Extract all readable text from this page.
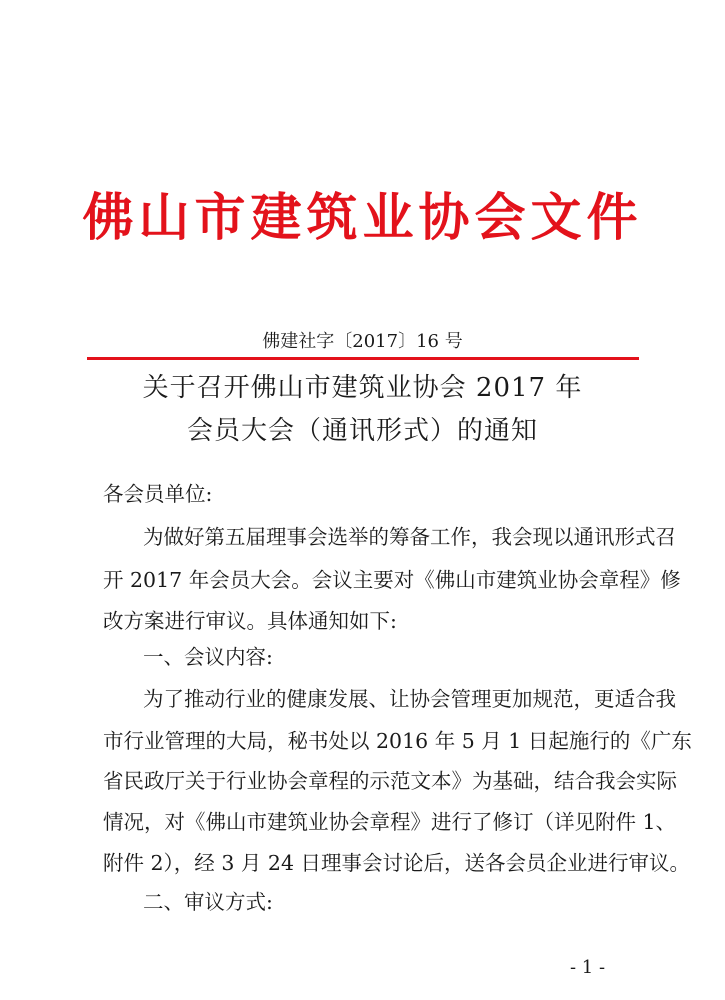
佛山市建筑业协会文件
佛建社字〔2017〕16 号
关于召开佛山市建筑业协会 2017 年
会员大会（通讯形式）的通知
各会员单位:
为做好第五届理事会选举的筹备工作，我会现以通讯形式召
开 2017 年会员大会。会议主要对《佛山市建筑业协会章程》修
改方案进行审议。具体通知如下:
一、会议内容:
为了推动行业的健康发展、让协会管理更加规范，更适合我
市行业管理的大局，秘书处以 2016 年 5 月 1 日起施行的《广东
省民政厅关于行业协会章程的示范文本》为基础，结合我会实际
情况，对《佛山市建筑业协会章程》进行了修订（详见附件 1、
附件 2），经 3 月 24 日理事会讨论后，送各会员企业进行审议。
二、审议方式:
- 1 -
